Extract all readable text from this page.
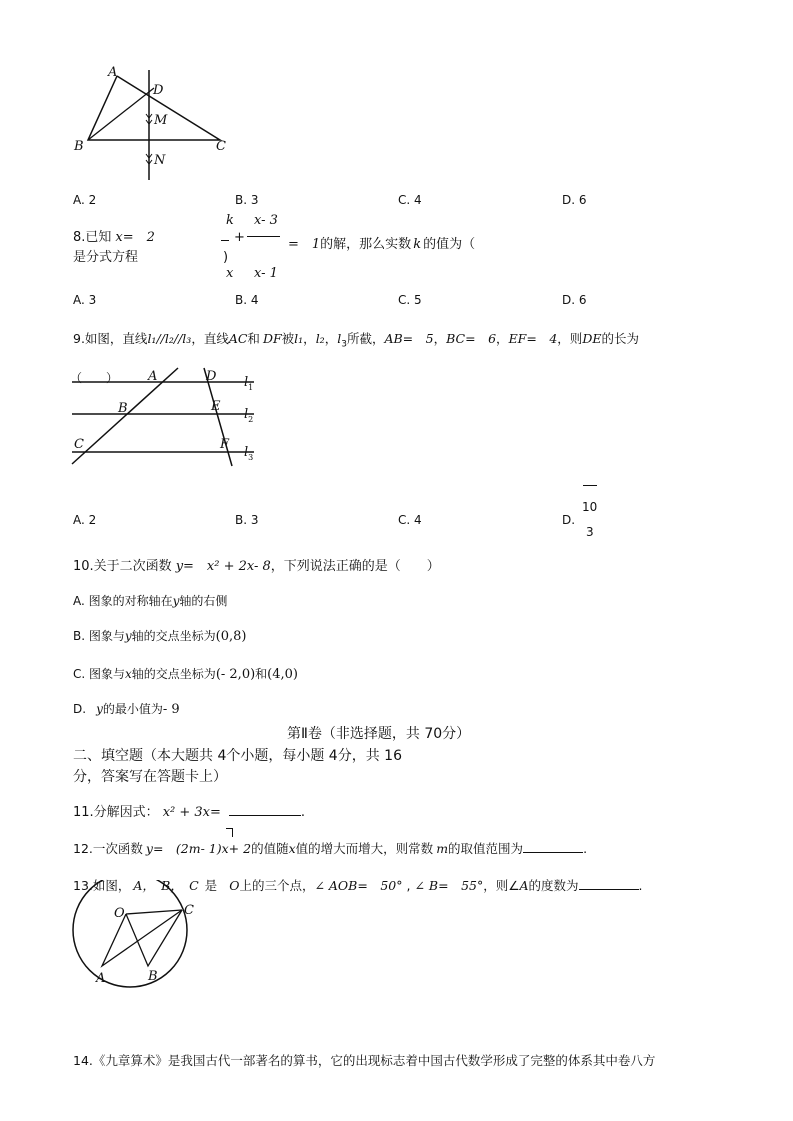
A
D
M
B	C
N
A. 2	B. 3	C. 4	D. 6
8.已知 x=　2
是分式方程
k x- 3
+	=　1的解，那么实数 k 的值为（
)
x x- 1
A. 3	B. 4	C. 5	D. 6
9.如图，直线l₁//l₂//l₃，直线AC和 DF被l₁，l₂，$l_3$所截，AB=　5，BC=　6，EF=　4，则DE的长为
（　　） A	D
B	E
C	F
$l_1$
$l_2$
$l_3$
A. 2	B. 3	C. 4	D.
10
3
10.关于二次函数 y=　x² + 2x- 8，下列说法正确的是（　　）
A. 图象的对称轴在y轴的右侧
B. 图象与y轴的交点坐标为(0,8)
C. 图象与x轴的交点坐标为(- 2,0)和(4,0)
D. y的最小值为- 9
第Ⅱ卷（非选择题，共 70分）
二、填空题（本大题共 4个小题，每小题 4分，共 16
分，答案写在答题卡上）
11.分解因式： x² + 3x=	.
12.一次函数 y=　(2m- 1)x+ 2的值随x值的增大而增大，则常数 m的取值范围为	.
13.如图， A，　B，　C 是 O上的三个点，∠ AOB=　50° , ∠ B=　55°，则∠A的度数为	.
O	C
A	B
14.《九章算术》是我国古代一部著名的算书，它的出现标志着中国古代数学形成了完整的体系其中卷八方
